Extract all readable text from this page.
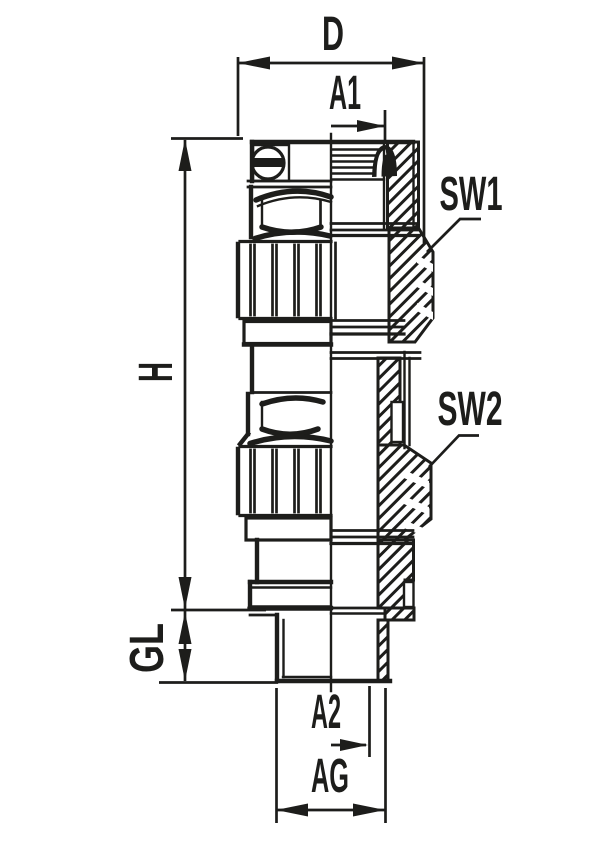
D
A1
H
GL
A2
AG
SW1
SW2
